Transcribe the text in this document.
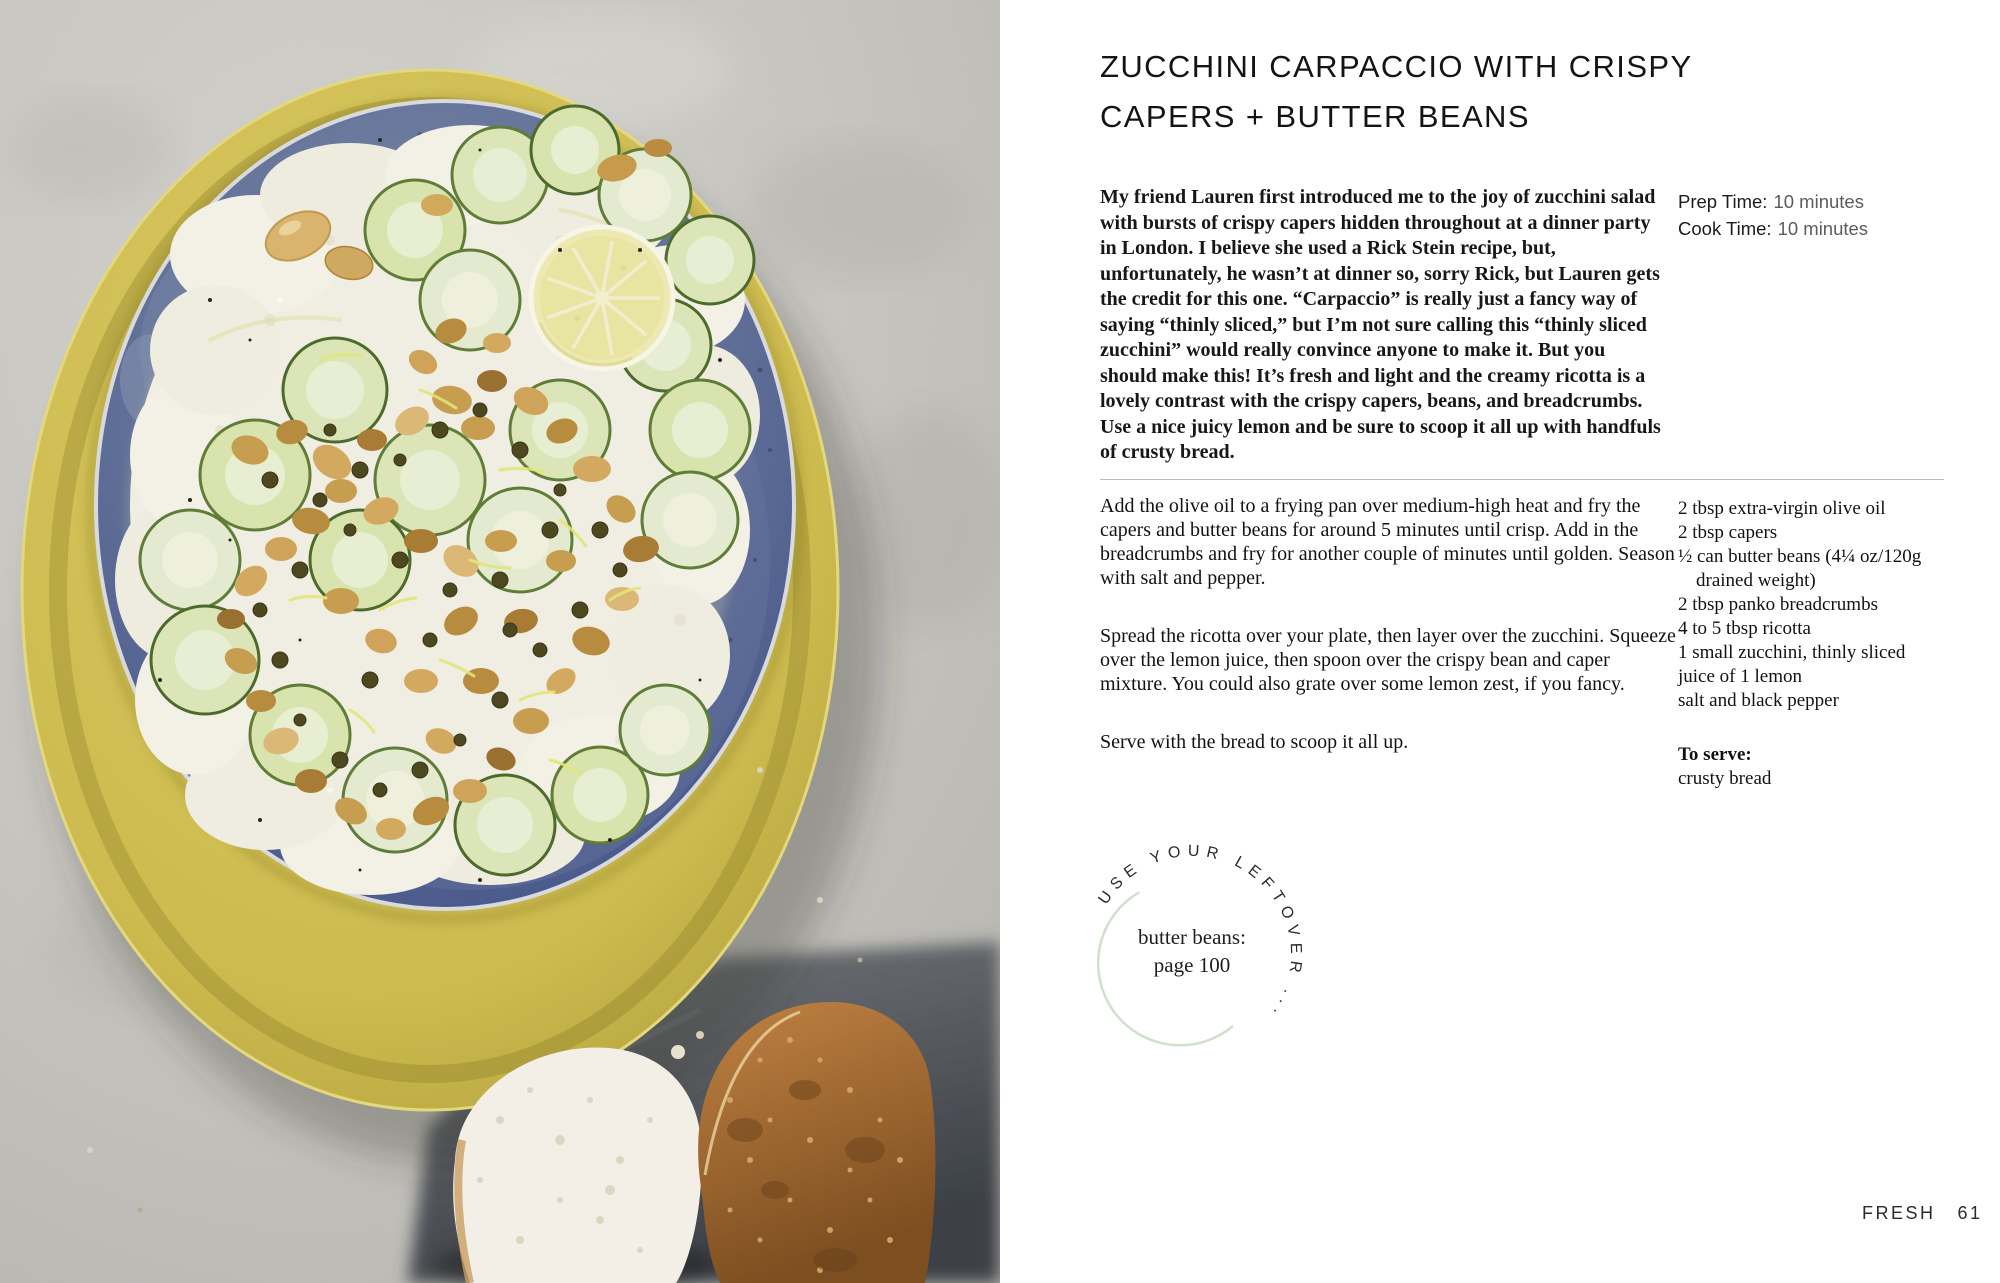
ZUCCHINI CARPACCIO WITH CRISPY
CAPERS + BUTTER BEANS
My friend Lauren first introduced me to the joy of zucchini salad with bursts of crispy capers hidden throughout at a dinner party in London. I believe she used a Rick Stein recipe, but, unfortunately, he wasn’t at dinner so, sorry Rick, but Lauren gets the credit for this one. “Carpaccio” is really just a fancy way of saying “thinly sliced,” but I’m not sure calling this “thinly sliced zucchini” would really convince anyone to make it. But you should make this! It’s fresh and light and the creamy ricotta is a lovely contrast with the crispy capers, beans, and breadcrumbs. Use a nice juicy lemon and be sure to scoop it all up with handfuls of crusty bread.
Prep Time: 10 minutes
Cook Time: 10 minutes

Add the olive oil to a frying pan over medium-high heat and fry the capers and butter beans for around 5 minutes until crisp. Add in the breadcrumbs and fry for another couple of minutes until golden. Season with salt and pepper.

Spread the ricotta over your plate, then layer over the zucchini. Squeeze over the lemon juice, then spoon over the crispy bean and caper mixture. You could also grate over some lemon zest, if you fancy.

Serve with the bread to scoop it all up.

2 tbsp extra-virgin olive oil
2 tbsp capers
½ can butter beans (4¼ oz/120g drained weight)
2 tbsp panko breadcrumbs
4 to 5 tbsp ricotta
1 small zucchini, thinly sliced
juice of 1 lemon
salt and black pepper
To serve:
crusty bread
USE YOUR LEFTOVER ...
butter beans:
page 100
FRESH 61
